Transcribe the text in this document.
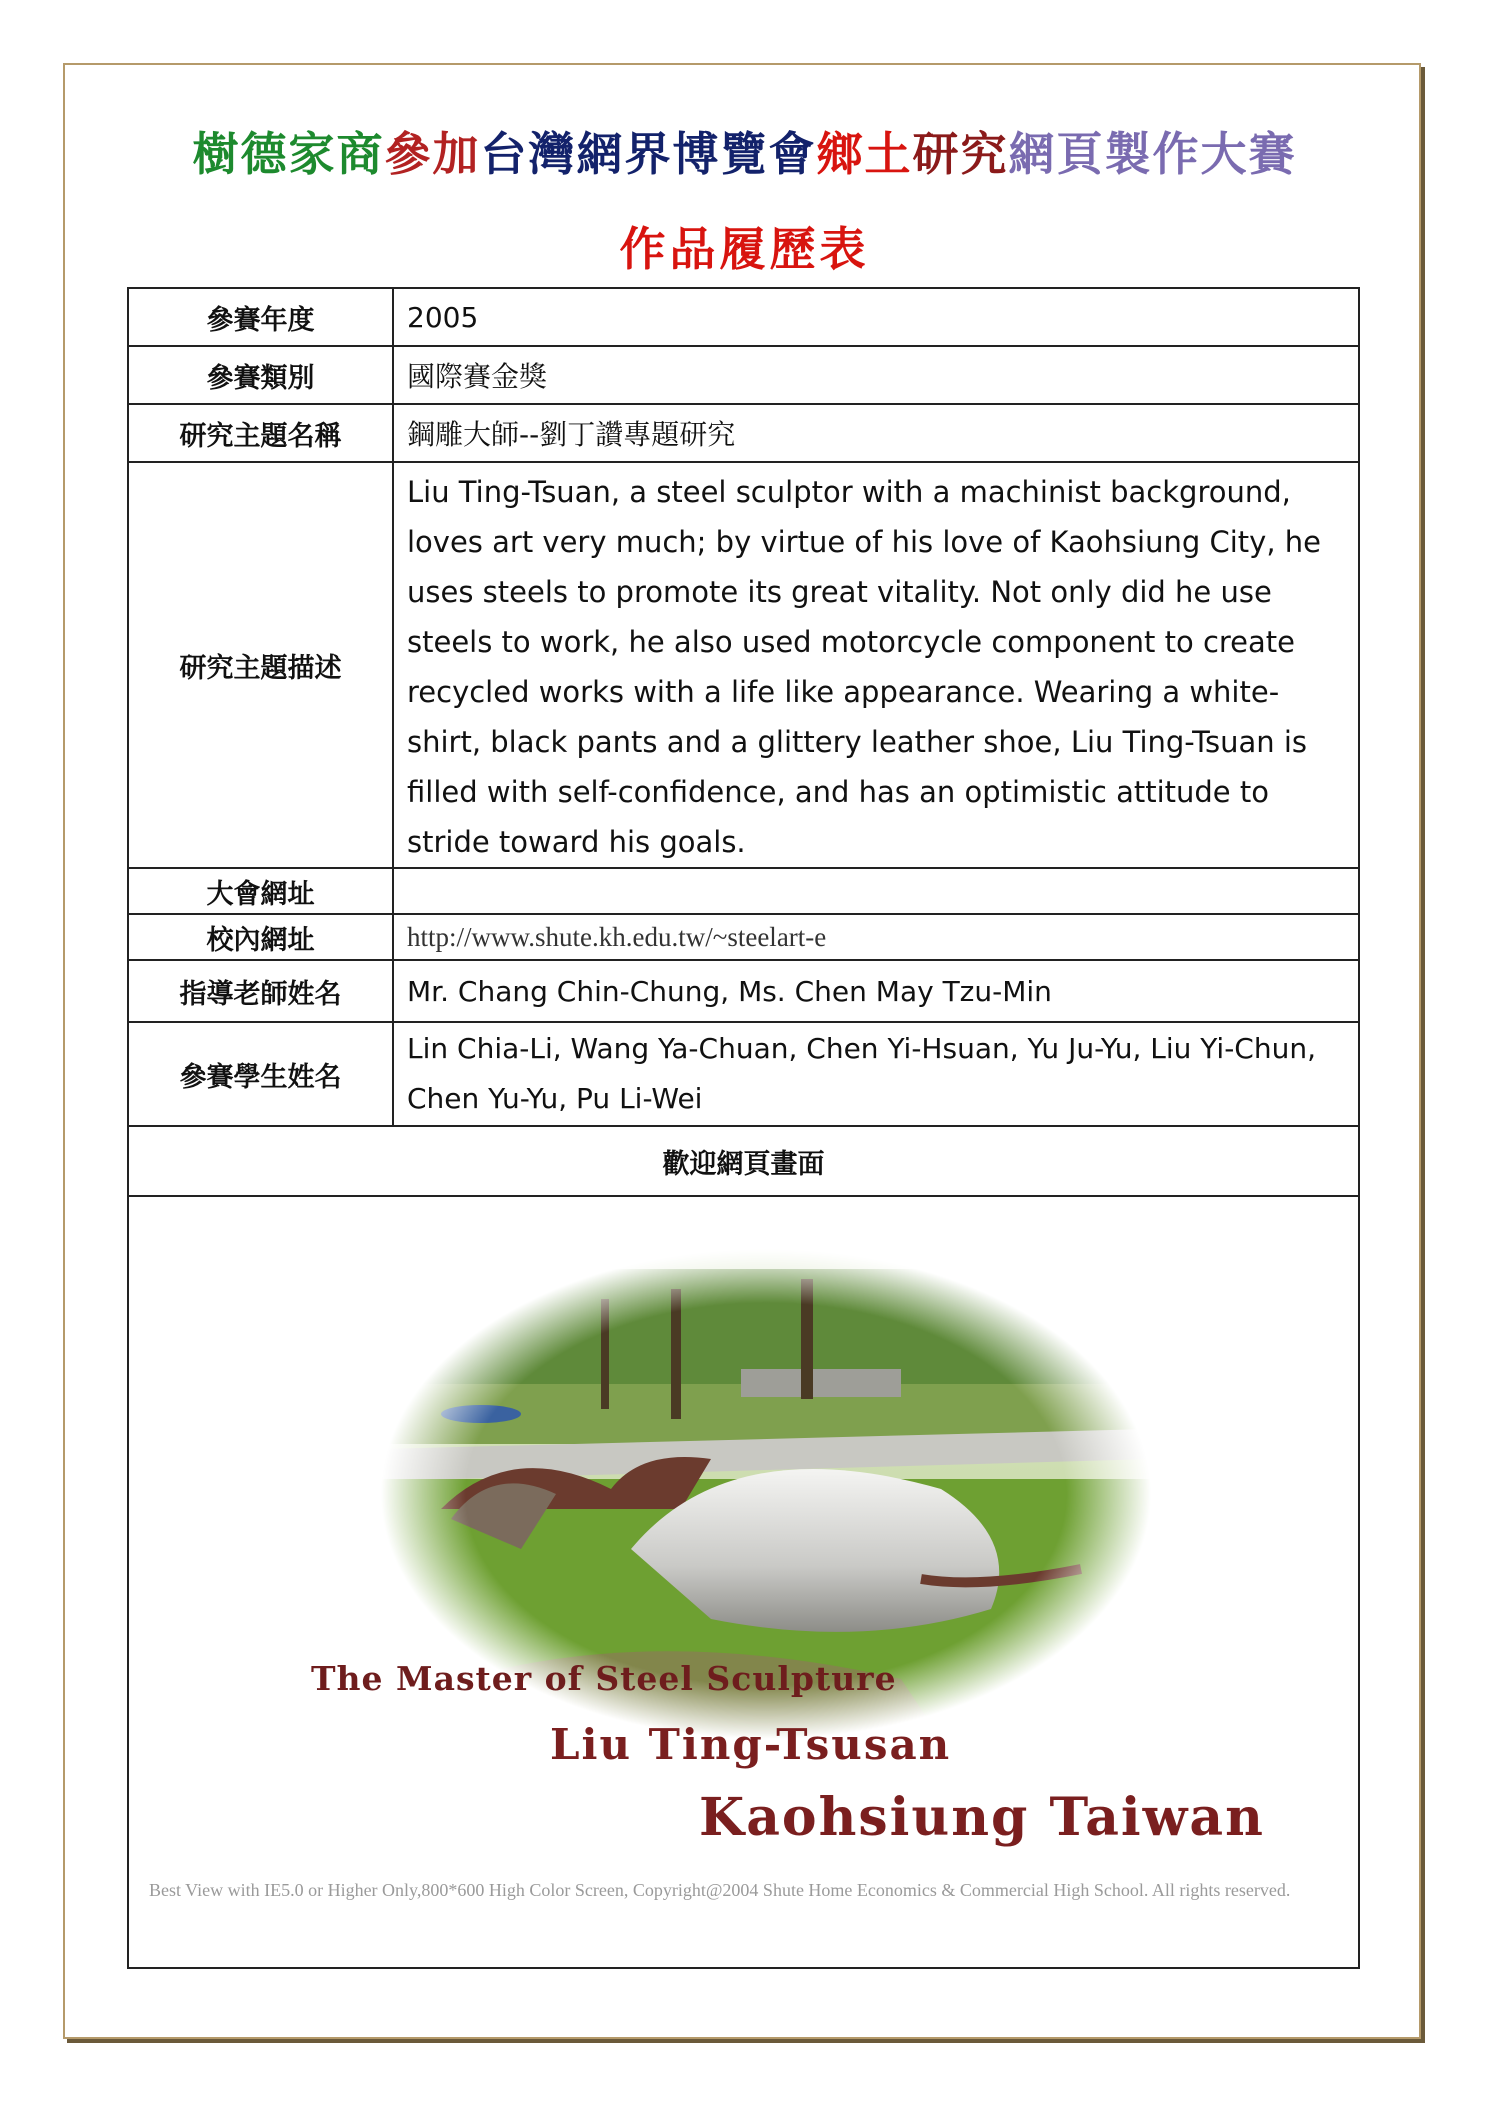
樹德家商參加台灣網界博覽會鄉土研究網頁製作大賽
作品履歷表
參賽年度	2005
參賽類別	國際賽金獎
研究主題名稱	鋼雕大師--劉丁讚專題研究
研究主題描述	Liu Ting-Tsuan, a steel sculptor with a machinist background, loves art very much; by virtue of his love of Kaohsiung City, he uses steels to promote its great vitality. Not only did he use steels to work, he also used motorcycle component to create recycled works with a life like appearance. Wearing a white-shirt, black pants and a glittery leather shoe, Liu Ting-Tsuan is filled with self-confidence, and has an optimistic attitude to stride toward his goals.
大會網址	
校內網址	http://www.shute.kh.edu.tw/~steelart-e
指導老師姓名	Mr. Chang Chin-Chung, Ms. Chen May Tzu-Min
參賽學生姓名	Lin Chia-Li, Wang Ya-Chuan, Chen Yi-Hsuan, Yu Ju-Yu, Liu Yi-Chun, Chen Yu-Yu, Pu Li-Wei
歡迎網頁畫面	

The Master of Steel Sculpture
Liu Ting-Tsusan
Kaohsiung Taiwan
Best View with IE5.0 or Higher Only,800*600 High Color Screen, Copyright@2004 Shute Home Economics & Commercial High School. All rights reserved.	
